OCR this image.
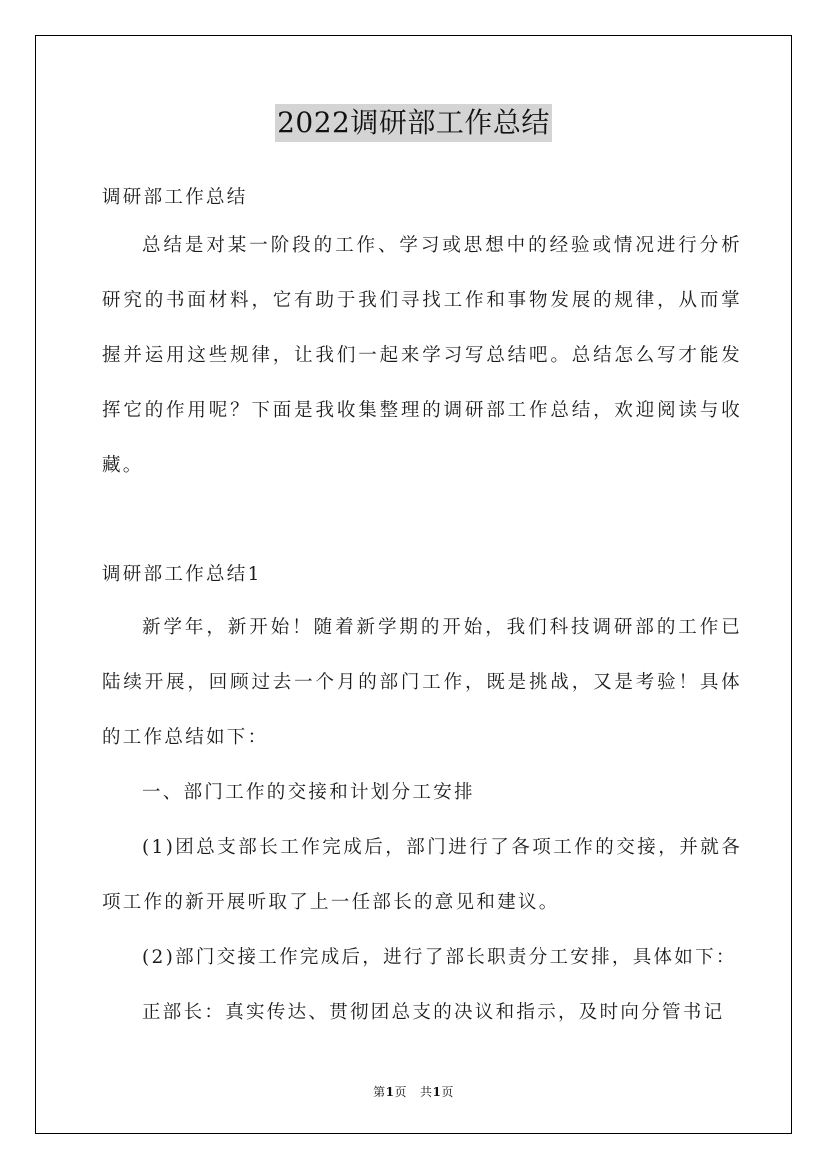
2022调研部工作总结
调研部工作总结
总结是对某一阶段的工作、学习或思想中的经验或情况进行分析研究的书面材料，它有助于我们寻找工作和事物发展的规律，从而掌握并运用这些规律，让我们一起来学习写总结吧。总结怎么写才能发挥它的作用呢？下面是我收集整理的调研部工作总结，欢迎阅读与收藏。
调研部工作总结1

新学年，新开始！随着新学期的开始，我们科技调研部的工作已陆续开展，回顾过去一个月的部门工作，既是挑战，又是考验！具体的工作总结如下：

一、部门工作的交接和计划分工安排

(1)团总支部长工作完成后，部门进行了各项工作的交接，并就各项工作的新开展听取了上一任部长的意见和建议。

(2)部门交接工作完成后，进行了部长职责分工安排，具体如下：

正部长：真实传达、贯彻团总支的决议和指示，及时向分管书记

第1页 共1页
